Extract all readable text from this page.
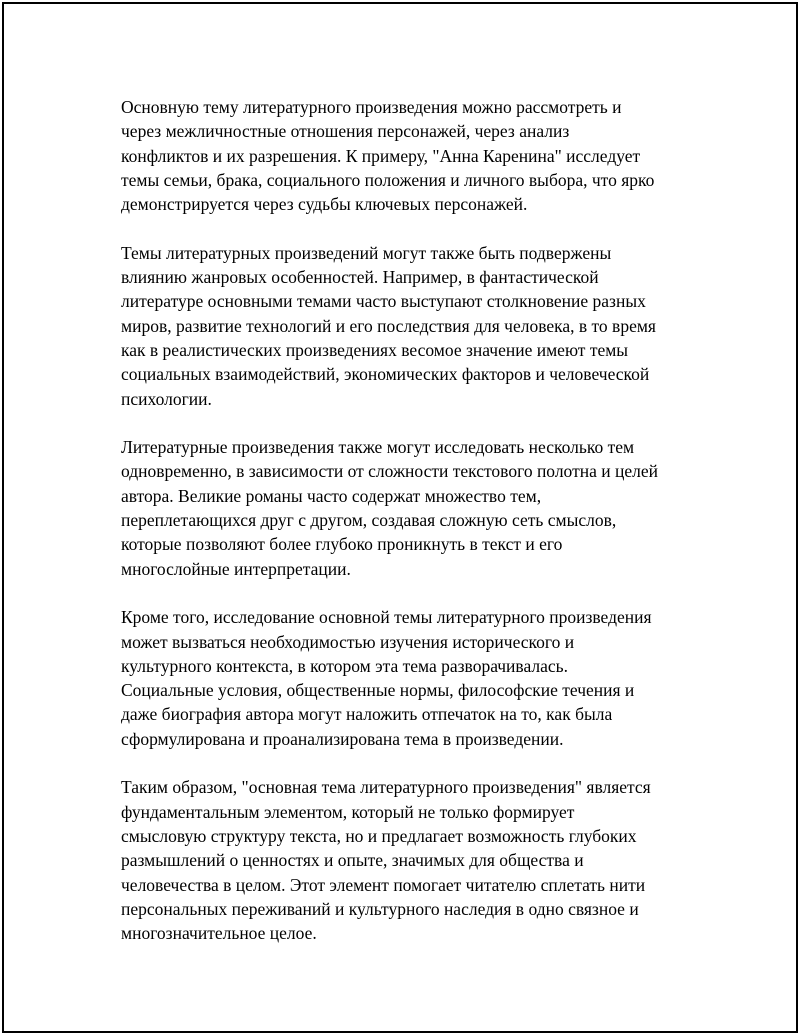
Основную тему литературного произведения можно рассмотреть и
через межличностные отношения персонажей, через анализ
конфликтов и их разрешения. К примеру, "Анна Каренина" исследует
темы семьи, брака, социального положения и личного выбора, что ярко
демонстрируется через судьбы ключевых персонажей.

Темы литературных произведений могут также быть подвержены
влиянию жанровых особенностей. Например, в фантастической
литературе основными темами часто выступают столкновение разных
миров, развитие технологий и его последствия для человека, в то время
как в реалистических произведениях весомое значение имеют темы
социальных взаимодействий, экономических факторов и человеческой
психологии.

Литературные произведения также могут исследовать несколько тем
одновременно, в зависимости от сложности текстового полотна и целей
автора. Великие романы часто содержат множество тем,
переплетающихся друг с другом, создавая сложную сеть смыслов,
которые позволяют более глубоко проникнуть в текст и его
многослойные интерпретации.

Кроме того, исследование основной темы литературного произведения
может вызваться необходимостью изучения исторического и
культурного контекста, в котором эта тема разворачивалась.
Социальные условия, общественные нормы, философские течения и
даже биография автора могут наложить отпечаток на то, как была
сформулирована и проанализирована тема в произведении.

Таким образом, "основная тема литературного произведения" является
фундаментальным элементом, который не только формирует
смысловую структуру текста, но и предлагает возможность глубоких
размышлений о ценностях и опыте, значимых для общества и
человечества в целом. Этот элемент помогает читателю сплетать нити
персональных переживаний и культурного наследия в одно связное и
многозначительное целое.
